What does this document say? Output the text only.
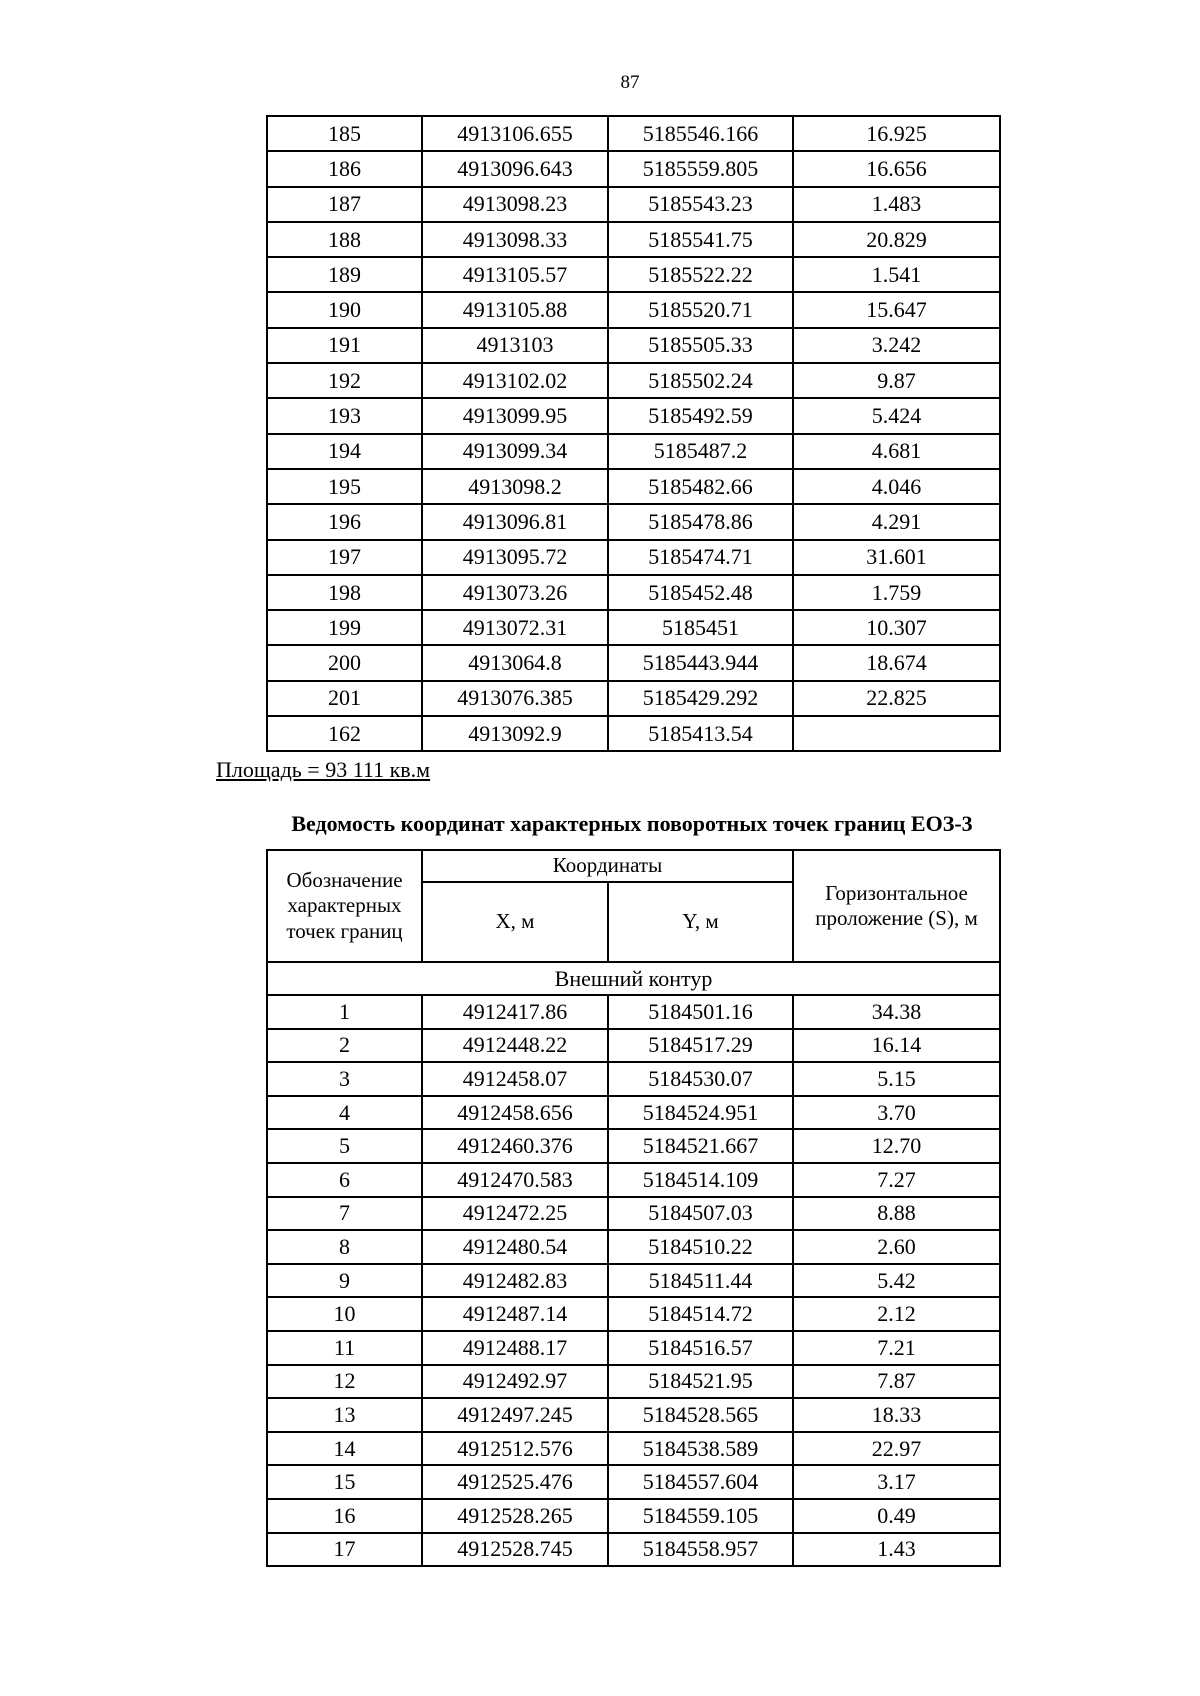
87
185	4913106.655	5185546.166	16.925
186	4913096.643	5185559.805	16.656
187	4913098.23	5185543.23	1.483
188	4913098.33	5185541.75	20.829
189	4913105.57	5185522.22	1.541
190	4913105.88	5185520.71	15.647
191	4913103	5185505.33	3.242
192	4913102.02	5185502.24	9.87
193	4913099.95	5185492.59	5.424
194	4913099.34	5185487.2	4.681
195	4913098.2	5185482.66	4.046
196	4913096.81	5185478.86	4.291
197	4913095.72	5185474.71	31.601
198	4913073.26	5185452.48	1.759
199	4913072.31	5185451	10.307
200	4913064.8	5185443.944	18.674
201	4913076.385	5185429.292	22.825
162	4913092.9	5185413.54	
Площадь = 93 111 кв.м
Ведомость координат характерных поворотных точек границ ЕОЗ-3
Обозначение характерных точек границ	Координаты		Горизонтальное проложение (S), м
	X, м	Y, м	
Внешний контур			
1	4912417.86	5184501.16	34.38
2	4912448.22	5184517.29	16.14
3	4912458.07	5184530.07	5.15
4	4912458.656	5184524.951	3.70
5	4912460.376	5184521.667	12.70
6	4912470.583	5184514.109	7.27
7	4912472.25	5184507.03	8.88
8	4912480.54	5184510.22	2.60
9	4912482.83	5184511.44	5.42
10	4912487.14	5184514.72	2.12
11	4912488.17	5184516.57	7.21
12	4912492.97	5184521.95	7.87
13	4912497.245	5184528.565	18.33
14	4912512.576	5184538.589	22.97
15	4912525.476	5184557.604	3.17
16	4912528.265	5184559.105	0.49
17	4912528.745	5184558.957	1.43
